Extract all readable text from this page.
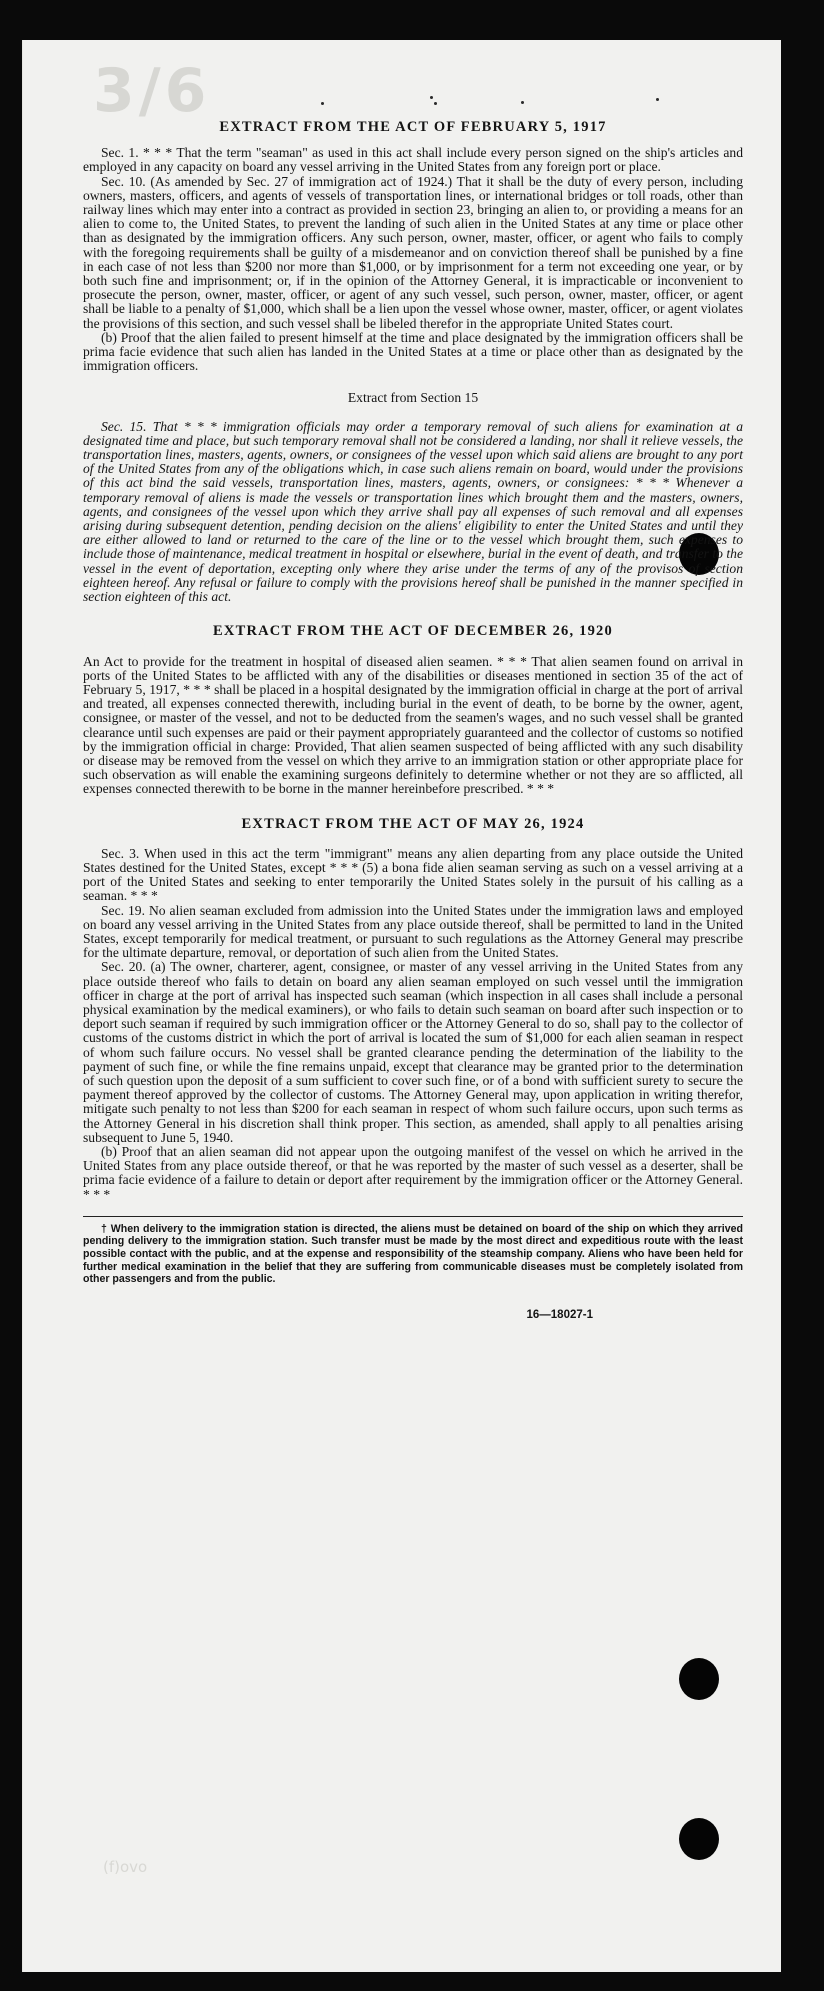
3/6
(f)ovo
EXTRACT FROM THE ACT OF FEBRUARY 5, 1917

Sec. 1. * * * That the term "seaman" as used in this act shall include every person signed on the ship's articles and employed in any capacity on board any vessel arriving in the United States from any foreign port or place.

Sec. 10. (As amended by Sec. 27 of immigration act of 1924.) That it shall be the duty of every person, including owners, masters, officers, and agents of vessels of transportation lines, or international bridges or toll roads, other than railway lines which may enter into a contract as provided in section 23, bringing an alien to, or providing a means for an alien to come to, the United States, to prevent the landing of such alien in the United States at any time or place other than as designated by the immigration officers. Any such person, owner, master, officer, or agent who fails to comply with the foregoing requirements shall be guilty of a misdemeanor and on conviction thereof shall be punished by a fine in each case of not less than $200 nor more than $1,000, or by imprisonment for a term not exceeding one year, or by both such fine and imprisonment; or, if in the opinion of the Attorney General, it is impracticable or inconvenient to prosecute the person, owner, master, officer, or agent of any such vessel, such person, owner, master, officer, or agent shall be liable to a penalty of $1,000, which shall be a lien upon the vessel whose owner, master, officer, or agent violates the provisions of this section, and such vessel shall be libeled therefor in the appropriate United States court.

(b) Proof that the alien failed to present himself at the time and place designated by the immigration officers shall be prima facie evidence that such alien has landed in the United States at a time or place other than as designated by the immigration officers.

Extract from Section 15

Sec. 15. That * * * immigration officials may order a temporary removal of such aliens for examination at a designated time and place, but such temporary removal shall not be considered a landing, nor shall it relieve vessels, the transportation lines, masters, agents, owners, or consignees of the vessel upon which said aliens are brought to any port of the United States from any of the obligations which, in case such aliens remain on board, would under the provisions of this act bind the said vessels, transportation lines, masters, agents, owners, or consignees: * * * Whenever a temporary removal of aliens is made the vessels or transportation lines which brought them and the masters, owners, agents, and consignees of the vessel upon which they arrive shall pay all expenses of such removal and all expenses arising during subsequent detention, pending decision on the aliens' eligibility to enter the United States and until they are either allowed to land or returned to the care of the line or to the vessel which brought them, such expenses to include those of maintenance, medical treatment in hospital or elsewhere, burial in the event of death, and transfer to the vessel in the event of deportation, excepting only where they arise under the terms of any of the provisos of section eighteen hereof. Any refusal or failure to comply with the provisions hereof shall be punished in the manner specified in section eighteen of this act.

EXTRACT FROM THE ACT OF DECEMBER 26, 1920

An Act to provide for the treatment in hospital of diseased alien seamen. * * * That alien seamen found on arrival in ports of the United States to be afflicted with any of the disabilities or diseases mentioned in section 35 of the act of February 5, 1917, * * * shall be placed in a hospital designated by the immigration official in charge at the port of arrival and treated, all expenses connected therewith, including burial in the event of death, to be borne by the owner, agent, consignee, or master of the vessel, and not to be deducted from the seamen's wages, and no such vessel shall be granted clearance until such expenses are paid or their payment appropriately guaranteed and the collector of customs so notified by the immigration official in charge: Provided, That alien seamen suspected of being afflicted with any such disability or disease may be removed from the vessel on which they arrive to an immigration station or other appropriate place for such observation as will enable the examining surgeons definitely to determine whether or not they are so afflicted, all expenses connected therewith to be borne in the manner hereinbefore prescribed. * * *

EXTRACT FROM THE ACT OF MAY 26, 1924

Sec. 3. When used in this act the term "immigrant" means any alien departing from any place outside the United States destined for the United States, except * * * (5) a bona fide alien seaman serving as such on a vessel arriving at a port of the United States and seeking to enter temporarily the United States solely in the pursuit of his calling as a seaman. * * *

Sec. 19. No alien seaman excluded from admission into the United States under the immigration laws and employed on board any vessel arriving in the United States from any place outside thereof, shall be permitted to land in the United States, except temporarily for medical treatment, or pursuant to such regulations as the Attorney General may prescribe for the ultimate departure, removal, or deportation of such alien from the United States.

Sec. 20. (a) The owner, charterer, agent, consignee, or master of any vessel arriving in the United States from any place outside thereof who fails to detain on board any alien seaman employed on such vessel until the immigration officer in charge at the port of arrival has inspected such seaman (which inspection in all cases shall include a personal physical examination by the medical examiners), or who fails to detain such seaman on board after such inspection or to deport such seaman if required by such immigration officer or the Attorney General to do so, shall pay to the collector of customs of the customs district in which the port of arrival is located the sum of $1,000 for each alien seaman in respect of whom such failure occurs. No vessel shall be granted clearance pending the determination of the liability to the payment of such fine, or while the fine remains unpaid, except that clearance may be granted prior to the determination of such question upon the deposit of a sum sufficient to cover such fine, or of a bond with sufficient surety to secure the payment thereof approved by the collector of customs. The Attorney General may, upon application in writing therefor, mitigate such penalty to not less than $200 for each seaman in respect of whom such failure occurs, upon such terms as the Attorney General in his discretion shall think proper. This section, as amended, shall apply to all penalties arising subsequent to June 5, 1940.

(b) Proof that an alien seaman did not appear upon the outgoing manifest of the vessel on which he arrived in the United States from any place outside thereof, or that he was reported by the master of such vessel as a deserter, shall be prima facie evidence of a failure to detain or deport after requirement by the immigration officer or the Attorney General. * * *

† When delivery to the immigration station is directed, the aliens must be detained on board of the ship on which they arrived pending delivery to the immigration station. Such transfer must be made by the most direct and expeditious route with the least possible contact with the public, and at the expense and responsibility of the steamship company. Aliens who have been held for further medical examination in the belief that they are suffering from communicable diseases must be completely isolated from other passengers and from the public.
16—18027-1
